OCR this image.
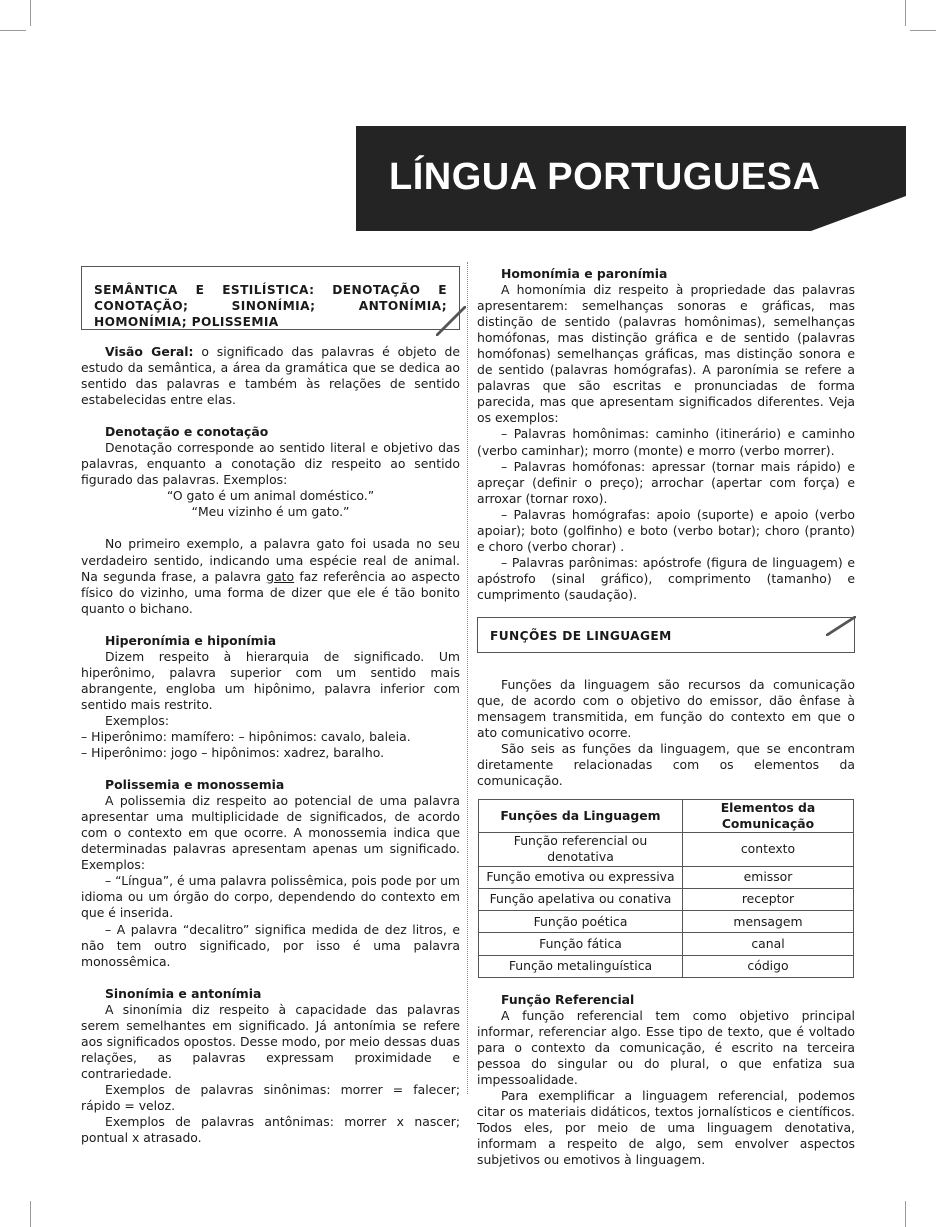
LÍNGUA PORTUGUESA
SEMÂNTICA E ESTILÍSTICA: DENOTAÇÃO E CONOTAÇÃO; SINONÍMIA; ANTONÍMIA; HOMONÍMIA; POLISSEMIA

Visão Geral: o significado das palavras é objeto de estudo da semântica, a área da gramática que se dedica ao sentido das palavras e também às relações de sentido estabelecidas entre elas.

Denotação e conotação

Denotação corresponde ao sentido literal e objetivo das palavras, enquanto a conotação diz respeito ao sentido figurado das palavras. Exemplos:

“O gato é um animal doméstico.”

“Meu vizinho é um gato.”

No primeiro exemplo, a palavra gato foi usada no seu verdadeiro sentido, indicando uma espécie real de animal. Na segunda frase, a palavra gato faz referência ao aspecto físico do vizinho, uma forma de dizer que ele é tão bonito quanto o bichano.

Hiperonímia e hiponímia

Dizem respeito à hierarquia de significado. Um hiperônimo, palavra superior com um sentido mais abrangente, engloba um hipônimo, palavra inferior com sentido mais restrito.

Exemplos:

– Hiperônimo: mamífero: – hipônimos: cavalo, baleia.

– Hiperônimo: jogo – hipônimos: xadrez, baralho.

Polissemia e monossemia

A polissemia diz respeito ao potencial de uma palavra apresentar uma multiplicidade de significados, de acordo com o contexto em que ocorre. A monossemia indica que determinadas palavras apresentam apenas um significado. Exemplos:

– “Língua”, é uma palavra polissêmica, pois pode por um idioma ou um órgão do corpo, dependendo do contexto em que é inserida.

– A palavra “decalitro” significa medida de dez litros, e não tem outro significado, por isso é uma palavra monossêmica.

Sinonímia e antonímia

A sinonímia diz respeito à capacidade das palavras serem semelhantes em significado. Já antonímia se refere aos significados opostos. Desse modo, por meio dessas duas relações, as palavras expressam proximidade e contrariedade.

Exemplos de palavras sinônimas: morrer = falecer; rápido = veloz.

Exemplos de palavras antônimas: morrer x nascer; pontual x atrasado.

Homonímia e paronímia

A homonímia diz respeito à propriedade das palavras apresentarem: semelhanças sonoras e gráficas, mas distinção de sentido (palavras homônimas), semelhanças homófonas, mas distinção gráfica e de sentido (palavras homófonas) semelhanças gráficas, mas distinção sonora e de sentido (palavras homógrafas). A paronímia se refere a palavras que são escritas e pronunciadas de forma parecida, mas que apresentam significados diferentes. Veja os exemplos:

– Palavras homônimas: caminho (itinerário) e caminho (verbo caminhar); morro (monte) e morro (verbo morrer).

– Palavras homófonas: apressar (tornar mais rápido) e apreçar (definir o preço); arrochar (apertar com força) e arroxar (tornar roxo).

– Palavras homógrafas: apoio (suporte) e apoio (verbo apoiar); boto (golfinho) e boto (verbo botar); choro (pranto) e choro (verbo chorar) .

– Palavras parônimas: apóstrofe (figura de linguagem) e apóstrofo (sinal gráfico), comprimento (tamanho) e cumprimento (saudação).

FUNÇÕES DE LINGUAGEM

Funções da linguagem são recursos da comunicação que, de acordo com o objetivo do emissor, dão ênfase à mensagem transmitida, em função do contexto em que o ato comunicativo ocorre.

São seis as funções da linguagem, que se encontram diretamente relacionadas com os elementos da comunicação.

Funções da Linguagem	Elementos da Comunicação
Função referencial ou denotativa	contexto
Função emotiva ou expressiva	emissor
Função apelativa ou conativa	receptor
Função poética	mensagem
Função fática	canal
Função metalinguística	código

Função Referencial

A função referencial tem como objetivo principal informar, referenciar algo. Esse tipo de texto, que é voltado para o contexto da comunicação, é escrito na terceira pessoa do singular ou do plural, o que enfatiza sua impessoalidade.

Para exemplificar a linguagem referencial, podemos citar os materiais didáticos, textos jornalísticos e científicos. Todos eles, por meio de uma linguagem denotativa, informam a respeito de algo, sem envolver aspectos subjetivos ou emotivos à linguagem.
